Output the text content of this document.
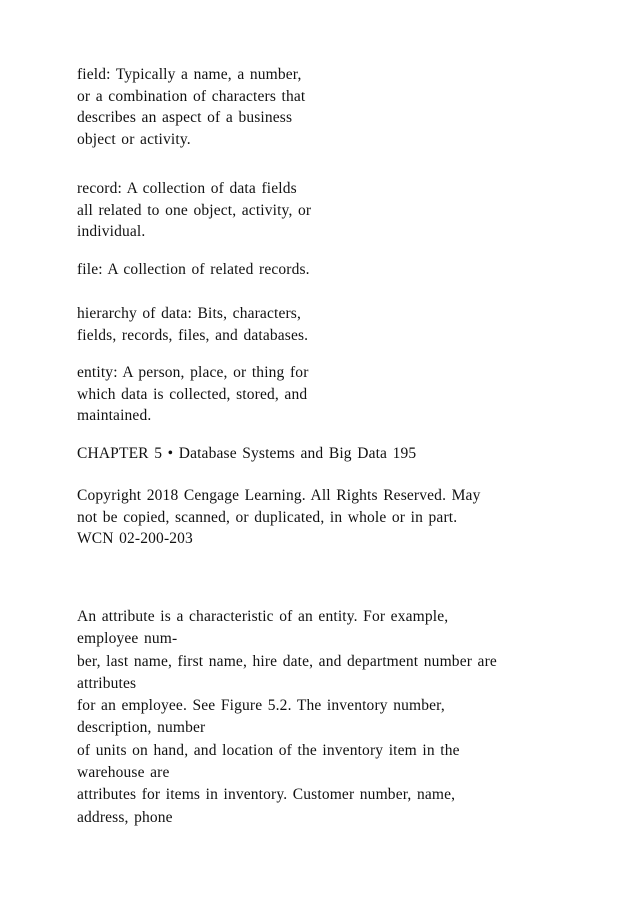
field: Typically a name, a number,
or a combination of characters that
describes an aspect of a business
object or activity.

record: A collection of data fields
all related to one object, activity, or
individual.

file: A collection of related records.

hierarchy of data: Bits, characters,
fields, records, files, and databases.

entity: A person, place, or thing for
which data is collected, stored, and
maintained.

CHAPTER 5 • Database Systems and Big Data 195

Copyright 2018 Cengage Learning. All Rights Reserved. May
not be copied, scanned, or duplicated, in whole or in part.
WCN 02-200-203

An attribute is a characteristic of an entity. For example,
employee num-
ber, last name, first name, hire date, and department number are
attributes
for an employee. See Figure 5.2. The inventory number,
description, number
of units on hand, and location of the inventory item in the
warehouse are
attributes for items in inventory. Customer number, name,
address, phone
